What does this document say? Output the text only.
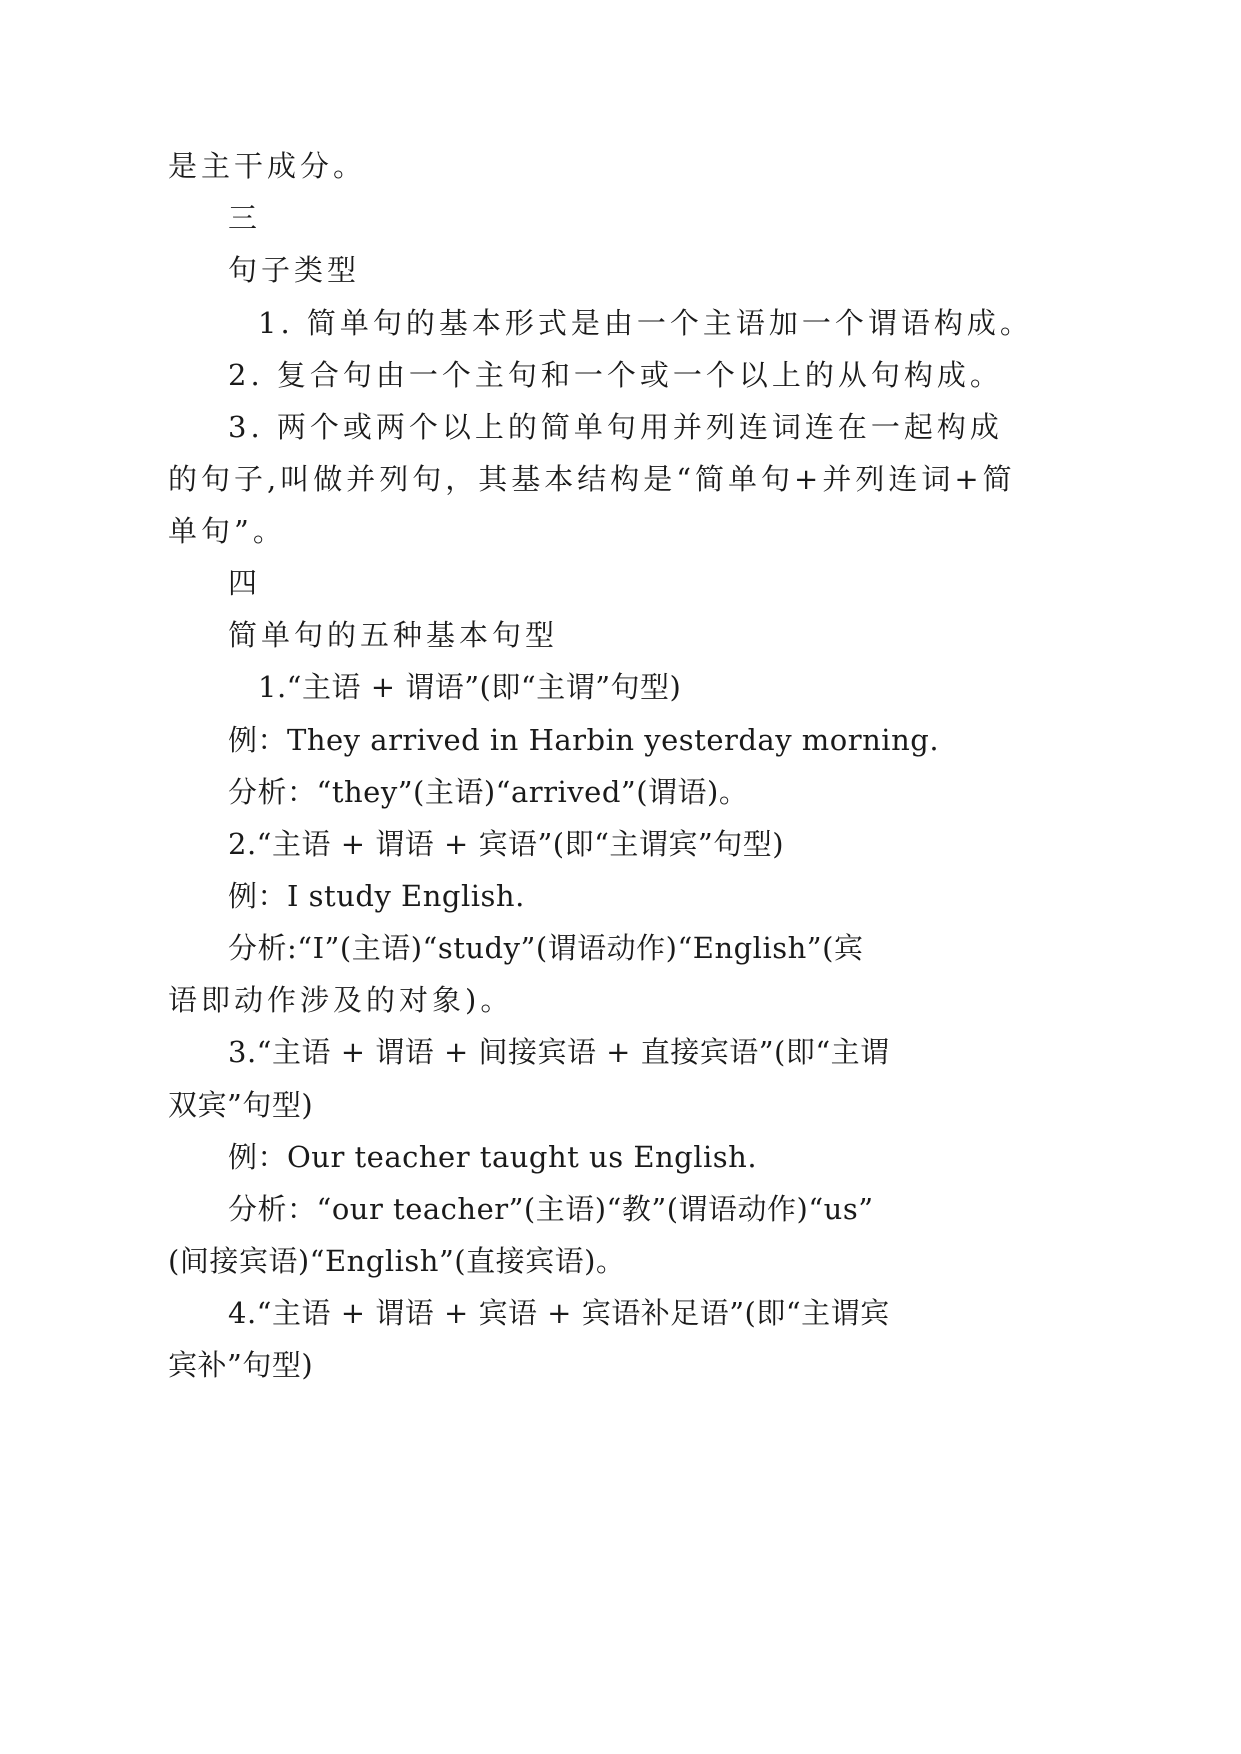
是主干成分。
三
句子类型
1. 简单句的基本形式是由一个主语加一个谓语构成。
2. 复合句由一个主句和一个或一个以上的从句构成。
3. 两个或两个以上的简单句用并列连词连在一起构成
的句子,叫做并列句，其基本结构是“简单句+并列连词+简
单句”。
四
简单句的五种基本句型
1.“主语 + 谓语”(即“主谓”句型)
例：They arrived in Harbin yesterday morning.
分析：“they”(主语)“arrived”(谓语)。
2.“主语 + 谓语 + 宾语”(即“主谓宾”句型)
例：I study English.
分析:“I”(主语)“study”(谓语动作)“English”(宾
语即动作涉及的对象)。
3.“主语 + 谓语 + 间接宾语 + 直接宾语”(即“主谓
双宾”句型)
例：Our teacher taught us English.
分析：“our teacher”(主语)“教”(谓语动作)“us”
(间接宾语)“English”(直接宾语)。
4.“主语 + 谓语 + 宾语 + 宾语补足语”(即“主谓宾
宾补”句型)
